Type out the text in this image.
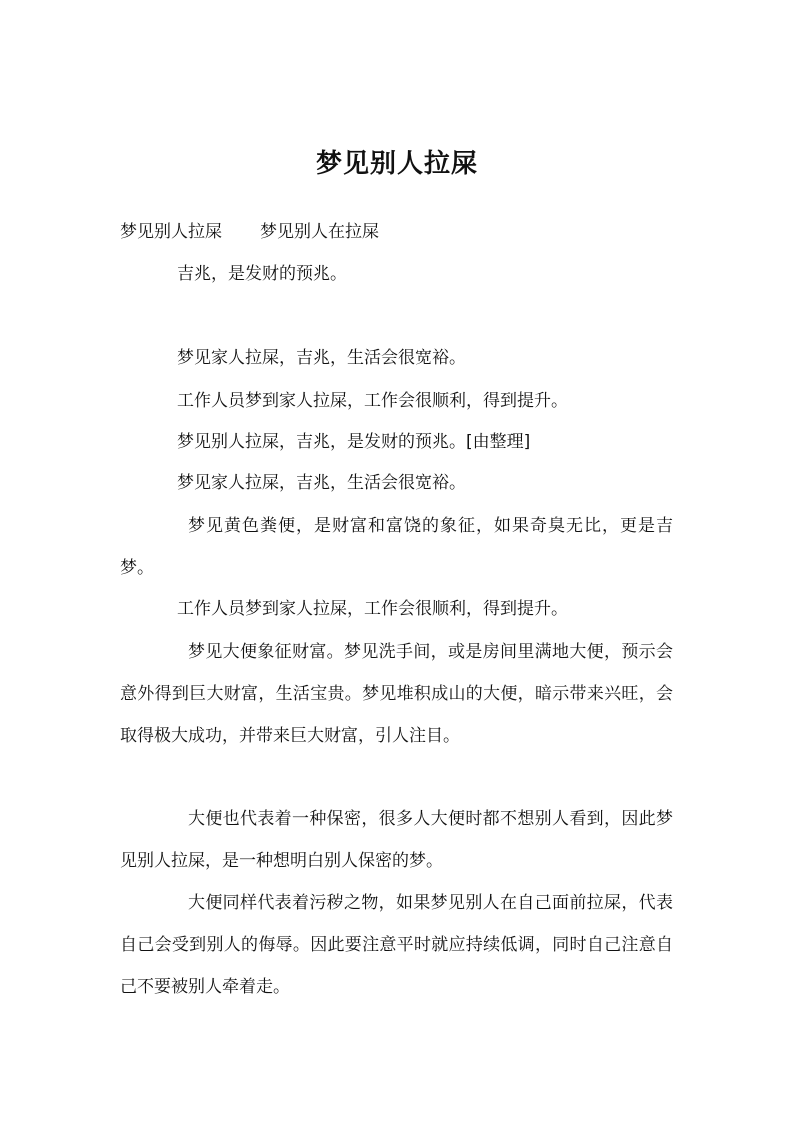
梦见别人拉屎
梦见别人拉屎 梦见别人在拉屎
吉兆，是发财的预兆。
梦见家人拉屎，吉兆，生活会很宽裕。
工作人员梦到家人拉屎，工作会很顺利，得到提升。
梦见别人拉屎，吉兆，是发财的预兆。[由整理]
梦见家人拉屎，吉兆，生活会很宽裕。
梦见黄色粪便，是财富和富饶的象征，如果奇臭无比，更是吉梦。
工作人员梦到家人拉屎，工作会很顺利，得到提升。
梦见大便象征财富。梦见洗手间，或是房间里满地大便，预示会意外得到巨大财富，生活宝贵。梦见堆积成山的大便，暗示带来兴旺，会取得极大成功，并带来巨大财富，引人注目。
大便也代表着一种保密，很多人大便时都不想别人看到，因此梦见别人拉屎，是一种想明白别人保密的梦。
大便同样代表着污秽之物，如果梦见别人在自己面前拉屎，代表自己会受到别人的侮辱。因此要注意平时就应持续低调，同时自己注意自己不要被别人牵着走。
